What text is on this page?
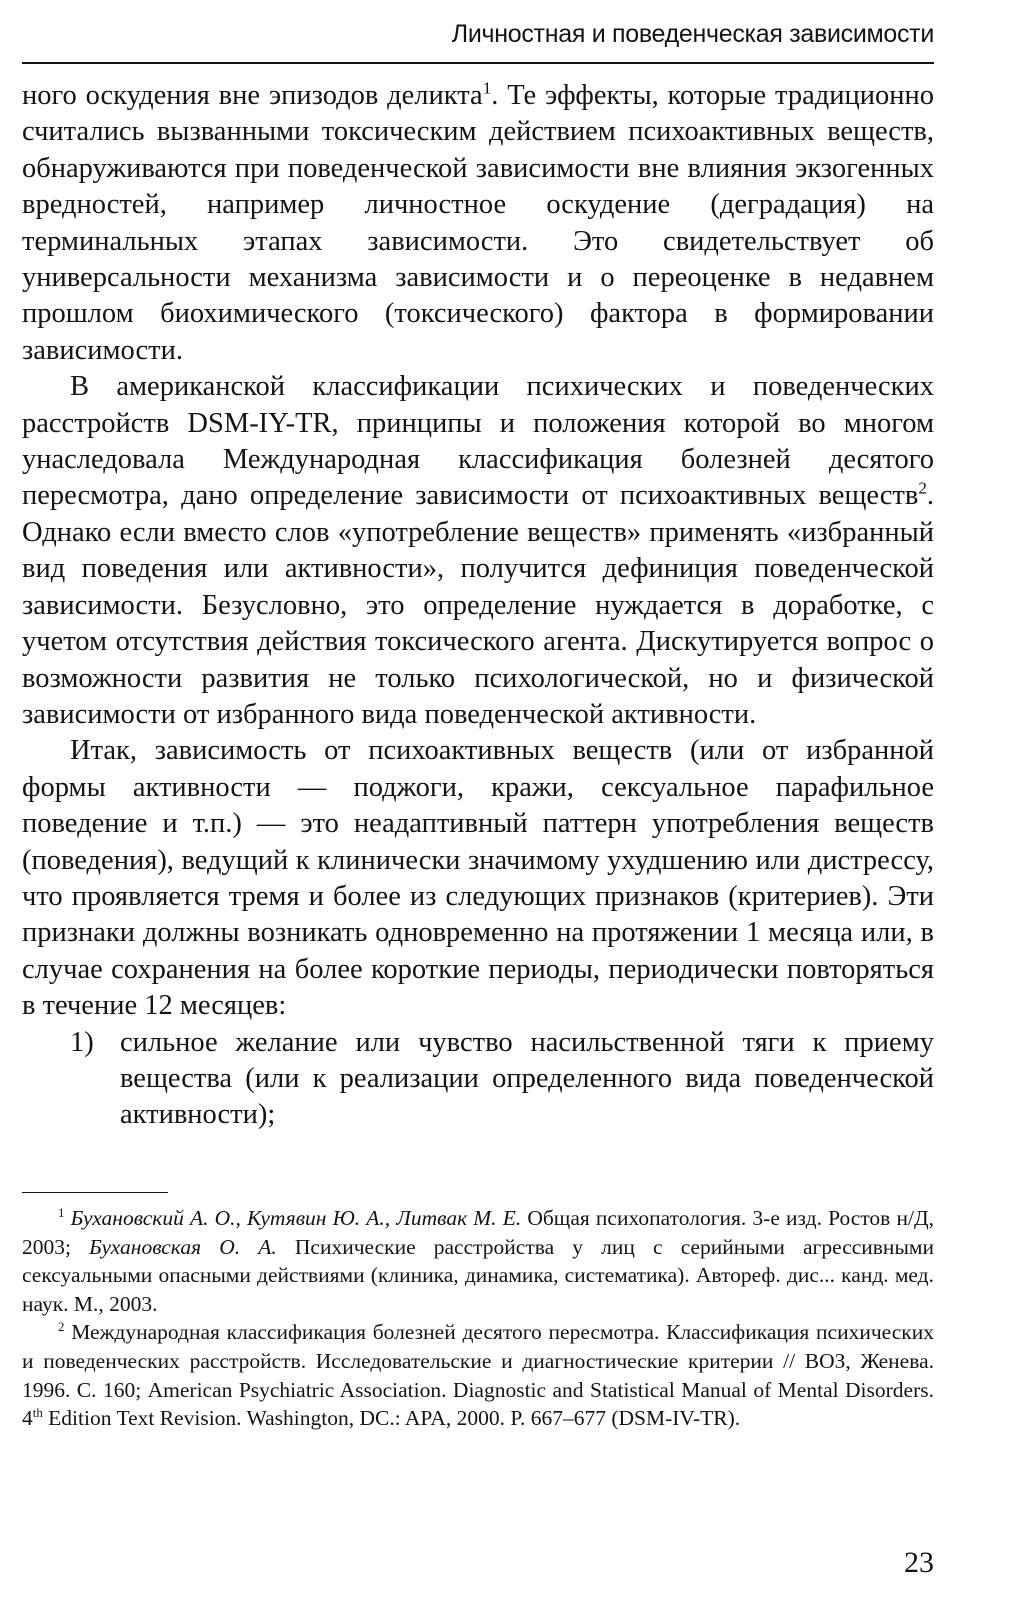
Личностная и поведенческая зависимости

ного оскудения вне эпизодов деликта$^1$. Те эффекты, которые традиционно считались вызванными токсическим действием психоактивных веществ, обнаруживаются при поведенческой зависимости вне влияния экзогенных вредностей, например личностное оскудение (деградация) на терминальных этапах зависимости. Это свидетельствует об универсальности механизма зависимости и о переоценке в недавнем прошлом биохимического (токсического) фактора в формировании зависимости.

В американской классификации психических и поведенческих расстройств DSM-IY-TR, принципы и положения которой во многом унаследовала Международная классификация болезней десятого пересмотра, дано определение зависимости от психоактивных веществ$^2$. Однако если вместо слов «употребление веществ» применять «избранный вид поведения или активности», получится дефиниция поведенческой зависимости. Безусловно, это определение нуждается в доработке, с учетом отсутствия действия токсического агента. Дискутируется вопрос о возможности развития не только психологической, но и физической зависимости от избранного вида поведенческой активности.

Итак, зависимость от психоактивных веществ (или от избранной формы активности — поджоги, кражи, сексуальное парафильное поведение и т.п.) — это неадаптивный паттерн употребления веществ (поведения), ведущий к клинически значимому ухудшению или дистрессу, что проявляется тремя и более из следующих признаков (критериев). Эти признаки должны возникать одновременно на протяжении 1 месяца или, в случае сохранения на более короткие периоды, периодически повторяться в течение 12 месяцев:

1) сильное желание или чувство насильственной тяги к приему вещества (или к реализации определенного вида поведенческой активности);

$^1$ Бухановский А. О., Кутявин Ю. А., Литвак М. Е. Общая психопатология. 3-е изд. Ростов н/Д, 2003; Бухановская О. А. Психические расстройства у лиц с серийными агрессивными сексуальными опасными действиями (клиника, динамика, систематика). Автореф. дис... канд. мед. наук. М., 2003.

$^2$ Международная классификация болезней десятого пересмотра. Классификация психических и поведенческих расстройств. Исследовательские и диагностические критерии // ВОЗ, Женева. 1996. С. 160; American Psychiatric Association. Diagnostic and Statistical Manual of Mental Disorders. 4th Edition Text Revision. Washington, DC.: APA, 2000. P. 667–677 (DSM-IV-TR).

23
